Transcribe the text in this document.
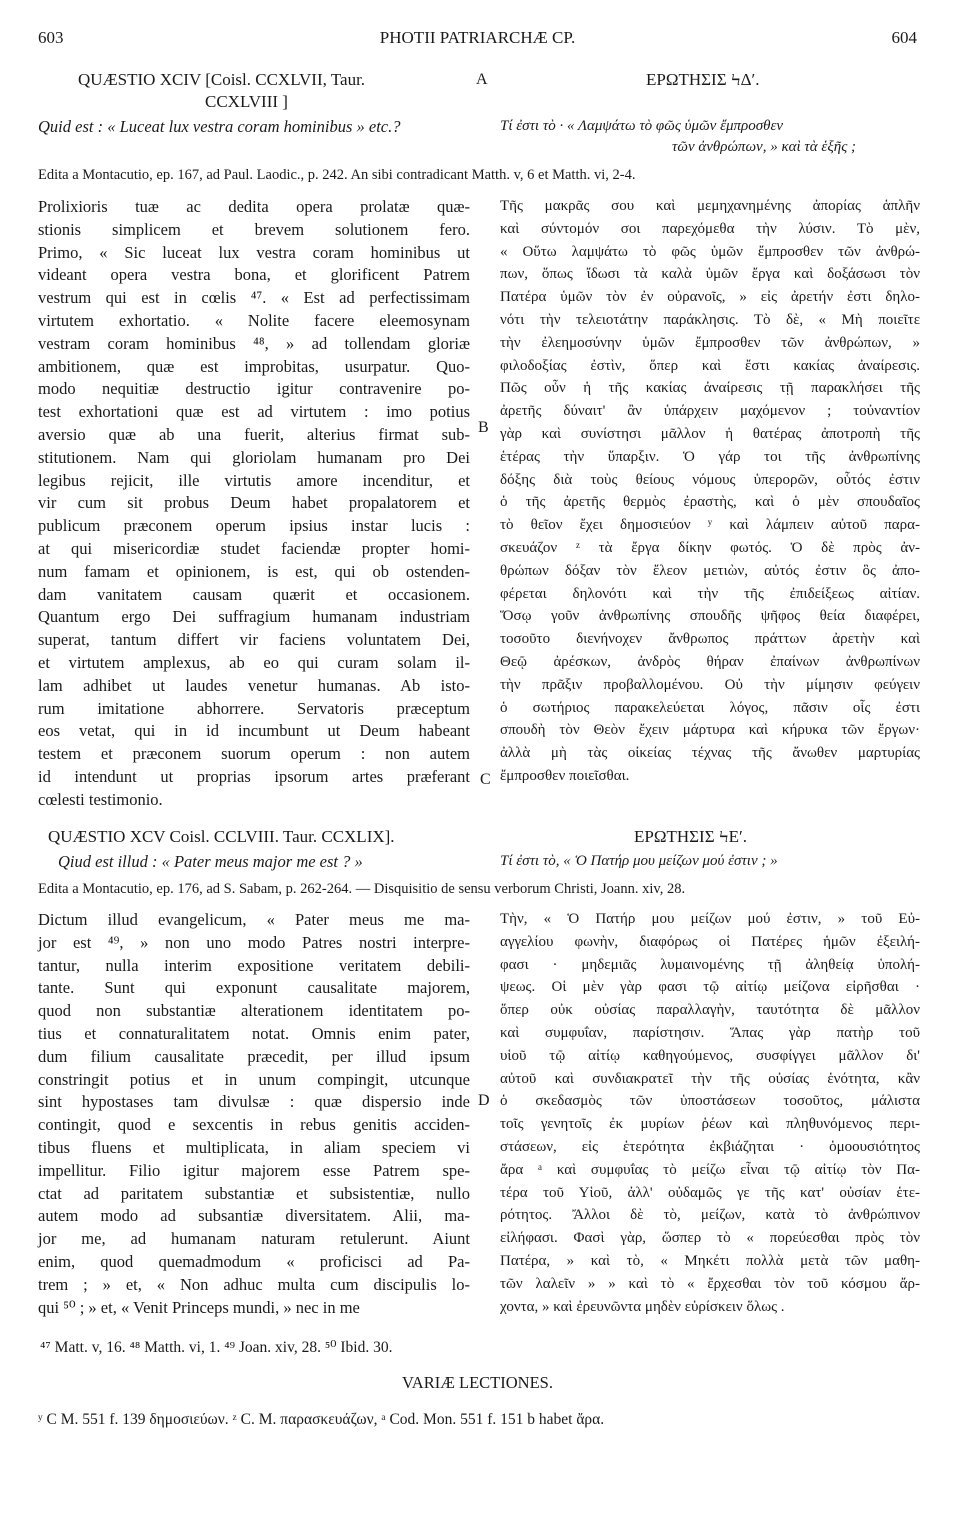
603	PHOTII PATRIARCHÆ CP.	604
QUÆSTIO XCIV [Coisl. CCXLVII, Taur.
CCXLVIII ]
A	ΕΡΩΤΗΣΙΣ ϞΔʹ.
Quid est : « Luceat lux vestra coram hominibus » etc.?	Τί ἐστι τὸ · « Λαμψάτω τὸ φῶς ὑμῶν ἔμπροσθεν
τῶν ἀνθρώπων, » καὶ τὰ ἑξῆς ;
Edita a Montacutio, ep. 167, ad Paul. Laodic., p. 242. An sibi contradicant Matth. v, 6 et Matth. vi, 2-4.
Prolixioris tuæ ac dedita opera prolatæ quæ-
stionis simplicem et brevem solutionem fero.
Primo, « Sic luceat lux vestra coram hominibus ut
videant opera vestra bona, et glorificent Patrem
vestrum qui est in cœlis ⁴⁷. « Est ad perfectissimam
virtutem exhortatio. « Nolite facere eleemosynam
vestram coram hominibus ⁴⁸, » ad tollendam gloriæ
ambitionem, quæ est improbitas, usurpatur. Quo-
modo nequitiæ destructio igitur contravenire po-
test exhortationi quæ est ad virtutem : imo potius
aversio quæ ab una fuerit, alterius firmat sub-
stitutionem. Nam qui gloriolam humanam pro Dei
legibus rejicit, ille virtutis amore incenditur, et
vir cum sit probus Deum habet propalatorem et
publicum præconem operum ipsius instar lucis :
at qui misericordiæ studet faciendæ propter homi-
num famam et opinionem, is est, qui ob ostenden-
dam vanitatem causam quærit et occasionem.
Quantum ergo Dei suffragium humanam industriam
superat, tantum differt vir faciens voluntatem Dei,
et virtutem amplexus, ab eo qui curam solam il-
lam adhibet ut laudes venetur humanas. Ab isto-
rum imitatione abhorrere. Servatoris præceptum
eos vetat, qui in id incumbunt ut Deum habeant
testem et præconem suorum operum : non autem
id intendunt ut proprias ipsorum artes præferant
cœlesti testimonio.
Τῆς μακρᾶς σου καὶ μεμηχανημένης ἀπορίας ἁπλῆν
καὶ σύντομόν σοι παρεχόμεθα τὴν λύσιν. Τὸ μὲν,
« Οὕτω λαμψάτω τὸ φῶς ὑμῶν ἔμπροσθεν τῶν ἀνθρώ-
πων, ὅπως ἴδωσι τὰ καλὰ ὑμῶν ἔργα καὶ δοξάσωσι τὸν
Πατέρα ὑμῶν τὸν ἐν οὐρανοῖς, » εἰς ἀρετήν ἐστι δηλο-
νότι τὴν τελειοτάτην παράκλησις. Τὸ δὲ, « Μὴ ποιεῖτε
τὴν ἐλεημοσύνην ὑμῶν ἔμπροσθεν τῶν ἀνθρώπων, »
φιλοδοξίας ἐστὶν, ὅπερ καὶ ἔστι κακίας ἀναίρεσις.
Πῶς οὖν ἡ τῆς κακίας ἀναίρεσις τῇ παρακλήσει τῆς
ἀρετῆς δύναιτ' ἂν ὑπάρχειν μαχόμενον ; τοὐναντίον
γὰρ καὶ συνίστησι μᾶλλον ἡ θατέρας ἀποτροπὴ τῆς
ἑτέρας τὴν ὕπαρξιν. Ὁ γάρ τοι τῆς ἀνθρωπίνης
δόξης διὰ τοὺς θείους νόμους ὑπερορῶν, οὗτός ἐστιν
ὁ τῆς ἀρετῆς θερμὸς ἐραστὴς, καὶ ὁ μὲν σπουδαῖος
τὸ θεῖον ἔχει δημοσιεύον ʸ καὶ λάμπειν αὐτοῦ παρα-
σκευάζον ᶻ τὰ ἔργα δίκην φωτός. Ὁ δὲ πρὸς ἀν-
θρώπων δόξαν τὸν ἔλεον μετιὼν, αὐτός ἐστιν ὃς ἀπο-
φέρεται δηλονότι καὶ τὴν τῆς ἐπιδείξεως αἰτίαν.
Ὅσῳ γοῦν ἀνθρωπίνης σπουδῆς ψῆφος θεία διαφέρει,
τοσοῦτο διενήνοχεν ἄνθρωπος πράττων ἀρετὴν καὶ
Θεῷ ἀρέσκων, ἀνδρὸς θήραν ἐπαίνων ἀνθρωπίνων
τὴν πρᾶξιν προβαλλομένου. Οὐ τὴν μίμησιν φεύγειν
ὁ σωτήριος παρακελεύεται λόγος, πᾶσιν οἷς ἐστι
σπουδὴ τὸν Θεὸν ἔχειν μάρτυρα καὶ κήρυκα τῶν ἔργων·
ἀλλὰ μὴ τὰς οἰκείας τέχνας τῆς ἄνωθεν μαρτυρίας
ἔμπροσθεν ποιεῖσθαι.
B
C
QUÆSTIO XCV Coisl. CCLVIII. Taur. CCXLIX].	ΕΡΩΤΗΣΙΣ ϞΕʹ.
Qiud est illud : « Pater meus major me est ? »	Τί ἐστι τὸ, « Ὁ Πατήρ μου μείζων μού ἐστιν ; »
Edita a Montacutio, ep. 176, ad S. Sabam, p. 262-264. — Disquisitio de sensu verborum Christi, Joann. xiv, 28.
Dictum illud evangelicum, « Pater meus me ma-
jor est ⁴⁹, » non uno modo Patres nostri interpre-
tantur, nulla interim expositione veritatem debili-
tante. Sunt qui exponunt causalitate majorem,
quod non substantiæ alterationem identitatem po-
tius et connaturalitatem notat. Omnis enim pater,
dum filium causalitate præcedit, per illud ipsum
constringit potius et in unum compingit, utcunque
sint hypostases tam divulsæ : quæ dispersio inde
contingit, quod e sexcentis in rebus genitis acciden-
tibus fluens et multiplicata, in aliam speciem vi
impellitur. Filio igitur majorem esse Patrem spe-
ctat ad paritatem substantiæ et subsistentiæ, nullo
autem modo ad subsantiæ diversitatem. Alii, ma-
jor me, ad humanam naturam retulerunt. Aiunt
enim, quod quemadmodum « proficisci ad Pa-
trem ; » et, « Non adhuc multa cum discipulis lo-
qui ⁵⁰ ; » et, « Venit Princeps mundi, » nec in me
Τὴν, « Ὁ Πατήρ μου μείζων μού ἐστιν, » τοῦ Εὐ-
αγγελίου φωνὴν, διαφόρως οἱ Πατέρες ἡμῶν ἐξειλή-
φασι · μηδεμιᾶς λυμαινομένης τῇ ἀληθείᾳ ὑπολή-
ψεως. Οἱ μὲν γὰρ φασι τῷ αἰτίῳ μείζονα εἰρῆσθαι ·
ὅπερ οὐκ οὐσίας παραλλαγὴν, ταυτότητα δὲ μᾶλλον
καὶ συμφυΐαν, παρίστησιν. Ἅπας γὰρ πατὴρ τοῦ
υἱοῦ τῷ αἰτίῳ καθηγούμενος, συσφίγγει μᾶλλον δι'
αὐτοῦ καὶ συνδιακρατεῖ τὴν τῆς οὐσίας ἑνότητα, κἂν
ὁ σκεδασμὸς τῶν ὑποστάσεων τοσοῦτος, μάλιστα
τοῖς γενητοῖς ἐκ μυρίων ῥέων καὶ πληθυνόμενος περι-
στάσεων, εἰς ἑτερότητα ἐκβιάζηται · ὁμοουσιότητος
ἄρα ᵃ καὶ συμφυΐας τὸ μείζω εἶναι τῷ αἰτίῳ τὸν Πα-
τέρα τοῦ Υἱοῦ, ἀλλ' οὐδαμῶς γε τῆς κατ' οὐσίαν ἑτε-
ρότητος. Ἄλλοι δὲ τὸ, μείζων, κατὰ τὸ ἀνθρώπινον
εἰλήφασι. Φασὶ γὰρ, ὥσπερ τὸ « πορεύεσθαι πρὸς τὸν
Πατέρα, » καὶ τὸ, « Μηκέτι πολλὰ μετὰ τῶν μαθη-
τῶν λαλεῖν » » καὶ τὸ « ἔρχεσθαι τὸν τοῦ κόσμου ἄρ-
χοντα, » καὶ ἐρευνῶντα μηδὲν εὑρίσκειν ὅλως .
D
⁴⁷ Matt. v, 16. ⁴⁸ Matth. vi, 1. ⁴⁹ Joan. xiv, 28. ⁵⁰ Ibid. 30.
VARIÆ LECTIONES.
ʸ C M. 551 f. 139 δημοσιεύων. ᶻ C. M. παρασκευάζων, ᵃ Cod. Mon. 551 f. 151 b habet ἄρα.
